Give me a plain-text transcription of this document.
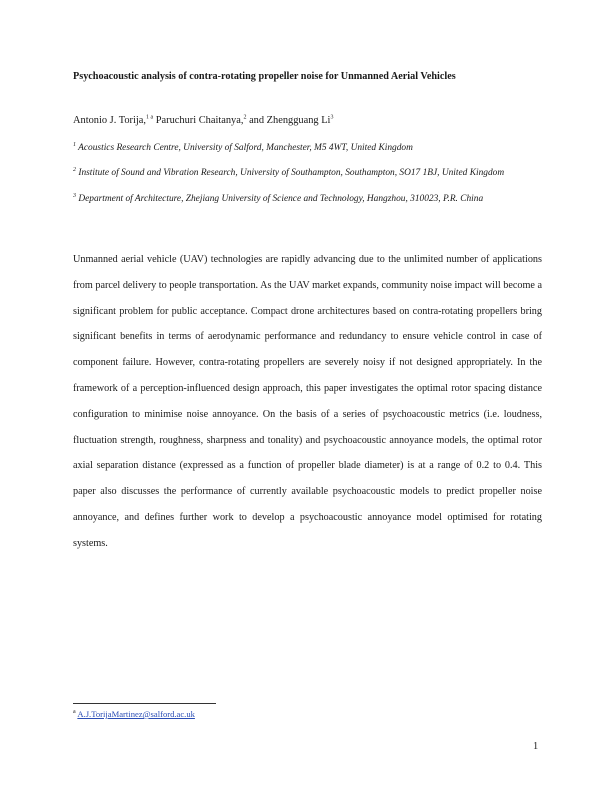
Psychoacoustic analysis of contra-rotating propeller noise for Unmanned Aerial Vehicles
Antonio J. Torija,$^{1 a}$ Paruchuri Chaitanya,$^2$ and Zhengguang Li$^3$
$^1$ Acoustics Research Centre, University of Salford, Manchester, M5 4WT, United Kingdom
$^2$ Institute of Sound and Vibration Research, University of Southampton, Southampton, SO17 1BJ, United Kingdom
$^3$ Department of Architecture, Zhejiang University of Science and Technology, Hangzhou, 310023, P.R. China

Unmanned aerial vehicle (UAV) technologies are rapidly advancing due to the unlimited number of applications from parcel delivery to people transportation. As the UAV market expands, community noise impact will become a significant problem for public acceptance. Compact drone architectures based on contra-rotating propellers bring significant benefits in terms of aerodynamic performance and redundancy to ensure vehicle control in case of component failure. However, contra-rotating propellers are severely noisy if not designed appropriately. In the framework of a perception-influenced design approach, this paper investigates the optimal rotor spacing distance configuration to minimise noise annoyance. On the basis of a series of psychoacoustic metrics (i.e. loudness, fluctuation strength, roughness, sharpness and tonality) and psychoacoustic annoyance models, the optimal rotor axial separation distance (expressed as a function of propeller blade diameter) is at a range of 0.2 to 0.4. This paper also discusses the performance of currently available psychoacoustic models to predict propeller noise annoyance, and defines further work to develop a psychoacoustic annoyance model optimised for rotating systems.

$^a$ A.J.TorijaMartinez@salford.ac.uk
1
